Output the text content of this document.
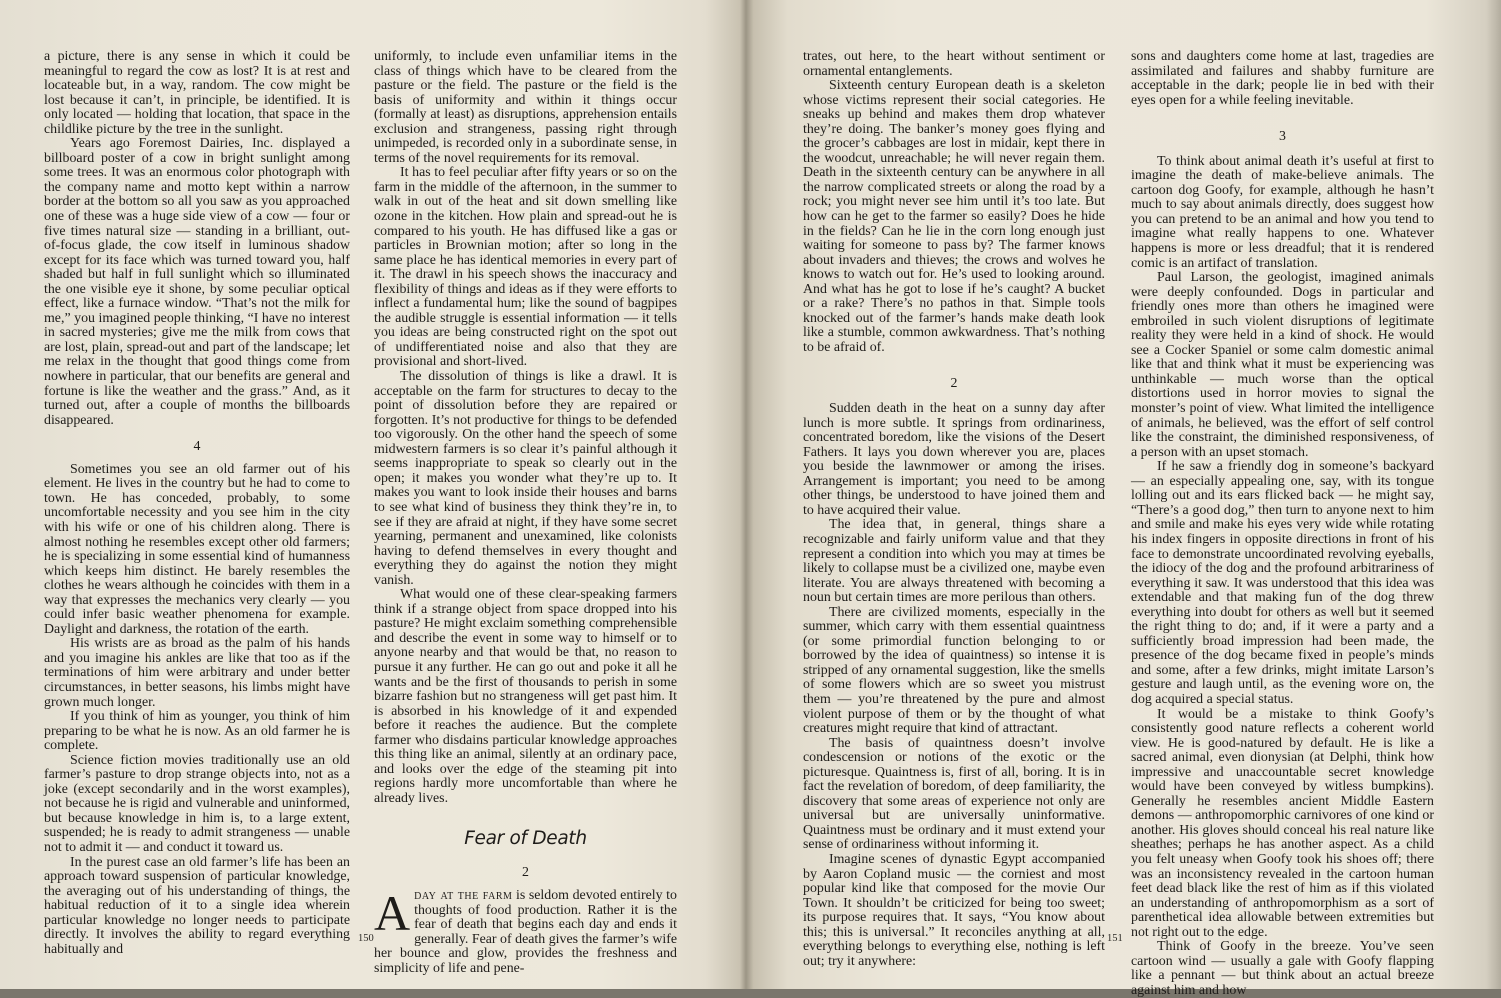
a picture, there is any sense in which it could be meaningful to regard the cow as lost? It is at rest and locateable but, in a way, random. The cow might be lost because it can’t, in principle, be identified. It is only located — holding that location, that space in the childlike picture by the tree in the sunlight.

Years ago Foremost Dairies, Inc. displayed a billboard poster of a cow in bright sunlight among some trees. It was an enormous color photograph with the company name and motto kept within a narrow border at the bottom so all you saw as you approached one of these was a huge side view of a cow — four or five times natural size — standing in a brilliant, out-of-focus glade, the cow itself in luminous shadow except for its face which was turned toward you, half shaded but half in full sunlight which so illuminated the one visible eye it shone, by some peculiar optical effect, like a furnace window. “That’s not the milk for me,” you imagined people thinking, “I have no interest in sacred mysteries; give me the milk from cows that are lost, plain, spread-out and part of the landscape; let me relax in the thought that good things come from nowhere in particular, that our benefits are general and fortune is like the weather and the grass.” And, as it turned out, after a couple of months the billboards disappeared.

4

Sometimes you see an old farmer out of his element. He lives in the country but he had to come to town. He has conceded, probably, to some uncomfortable necessity and you see him in the city with his wife or one of his children along. There is almost nothing he resembles except other old farmers; he is specializing in some essential kind of humanness which keeps him distinct. He barely resembles the clothes he wears although he coincides with them in a way that expresses the mechanics very clearly — you could infer basic weather phenomena for example. Daylight and darkness, the rotation of the earth.

His wrists are as broad as the palm of his hands and you imagine his ankles are like that too as if the terminations of him were arbitrary and under better circumstances, in better seasons, his limbs might have grown much longer.

If you think of him as younger, you think of him preparing to be what he is now. As an old farmer he is complete.

Science fiction movies traditionally use an old farmer’s pasture to drop strange objects into, not as a joke (except secondarily and in the worst examples), not because he is rigid and vulnerable and uninformed, but because knowledge in him is, to a large extent, suspended; he is ready to admit strangeness — unable not to admit it — and conduct it toward us.

In the purest case an old farmer’s life has been an approach toward suspension of particular knowledge, the averaging out of his understanding of things, the habitual reduction of it to a single idea wherein particular knowledge no longer needs to participate directly. It involves the ability to regard everything habitually and

uniformly, to include even unfamiliar items in the class of things which have to be cleared from the pasture or the field. The pasture or the field is the basis of uniformity and within it things occur (formally at least) as disruptions, apprehension entails exclusion and strangeness, passing right through unimpeded, is recorded only in a subordinate sense, in terms of the novel requirements for its removal.

It has to feel peculiar after fifty years or so on the farm in the middle of the afternoon, in the summer to walk in out of the heat and sit down smelling like ozone in the kitchen. How plain and spread-out he is compared to his youth. He has diffused like a gas or particles in Brownian motion; after so long in the same place he has identical memories in every part of it. The drawl in his speech shows the inaccuracy and flexibility of things and ideas as if they were efforts to inflect a fundamental hum; like the sound of bagpipes the audible struggle is essential information — it tells you ideas are being constructed right on the spot out of undifferentiated noise and also that they are provisional and short-lived.

The dissolution of things is like a drawl. It is acceptable on the farm for structures to decay to the point of dissolution before they are repaired or forgotten. It’s not productive for things to be defended too vigorously. On the other hand the speech of some midwestern farmers is so clear it’s painful although it seems inappropriate to speak so clearly out in the open; it makes you wonder what they’re up to. It makes you want to look inside their houses and barns to see what kind of business they think they’re in, to see if they are afraid at night, if they have some secret yearning, permanent and unexamined, like colonists having to defend themselves in every thought and everything they do against the notion they might vanish.

What would one of these clear-speaking farmers think if a strange object from space dropped into his pasture? He might exclaim something comprehensible and describe the event in some way to himself or to anyone nearby and that would be that, no reason to pursue it any further. He can go out and poke it all he wants and be the first of thousands to perish in some bizarre fashion but no strangeness will get past him. It is absorbed in his knowledge of it and expended before it reaches the audience. But the complete farmer who disdains particular knowledge approaches this thing like an animal, silently at an ordinary pace, and looks over the edge of the steaming pit into regions hardly more uncomfortable than where he already lives.

Fear of Death

2

Aday at the farm is seldom devoted entirely to thoughts of food production. Rather it is the fear of death that begins each day and ends it generally. Fear of death gives the farmer’s wife her bounce and glow, provides the freshness and simplicity of life and pene-

150

trates, out here, to the heart without sentiment or ornamental entanglements.

Sixteenth century European death is a skeleton whose victims represent their social categories. He sneaks up behind and makes them drop whatever they’re doing. The banker’s money goes flying and the grocer’s cabbages are lost in midair, kept there in the woodcut, unreachable; he will never regain them. Death in the sixteenth century can be anywhere in all the narrow complicated streets or along the road by a rock; you might never see him until it’s too late. But how can he get to the farmer so easily? Does he hide in the fields? Can he lie in the corn long enough just waiting for someone to pass by? The farmer knows about invaders and thieves; the crows and wolves he knows to watch out for. He’s used to looking around. And what has he got to lose if he’s caught? A bucket or a rake? There’s no pathos in that. Simple tools knocked out of the farmer’s hands make death look like a stumble, common awkwardness. That’s nothing to be afraid of.

2

Sudden death in the heat on a sunny day after lunch is more subtle. It springs from ordinariness, concentrated boredom, like the visions of the Desert Fathers. It lays you down wherever you are, places you beside the lawnmower or among the irises. Arrangement is important; you need to be among other things, be understood to have joined them and to have acquired their value.

The idea that, in general, things share a recognizable and fairly uniform value and that they represent a condition into which you may at times be likely to collapse must be a civilized one, maybe even literate. You are always threatened with becoming a noun but certain times are more perilous than others.

There are civilized moments, especially in the summer, which carry with them essential quaintness (or some primordial function belonging to or borrowed by the idea of quaintness) so intense it is stripped of any ornamental suggestion, like the smells of some flowers which are so sweet you mistrust them — you’re threatened by the pure and almost violent purpose of them or by the thought of what creatures might require that kind of attractant.

The basis of quaintness doesn’t involve condescension or notions of the exotic or the picturesque. Quaintness is, first of all, boring. It is in fact the revelation of boredom, of deep familiarity, the discovery that some areas of experience not only are universal but are universally uninformative. Quaintness must be ordinary and it must extend your sense of ordinariness without informing it.

Imagine scenes of dynastic Egypt accompanied by Aaron Copland music — the corniest and most popular kind like that composed for the movie Our Town. It shouldn’t be criticized for being too sweet; its purpose requires that. It says, “You know about this; this is universal.” It reconciles anything at all, everything belongs to everything else, nothing is left out; try it anywhere:

sons and daughters come home at last, tragedies are assimilated and failures and shabby furniture are acceptable in the dark; people lie in bed with their eyes open for a while feeling inevitable.

3

To think about animal death it’s useful at first to imagine the death of make-believe animals. The cartoon dog Goofy, for example, although he hasn’t much to say about animals directly, does suggest how you can pretend to be an animal and how you tend to imagine what really happens to one. Whatever happens is more or less dreadful; that it is rendered comic is an artifact of translation.

Paul Larson, the geologist, imagined animals were deeply confounded. Dogs in particular and friendly ones more than others he imagined were embroiled in such violent disruptions of legitimate reality they were held in a kind of shock. He would see a Cocker Spaniel or some calm domestic animal like that and think what it must be experiencing was unthinkable — much worse than the optical distortions used in horror movies to signal the monster’s point of view. What limited the intelligence of animals, he believed, was the effort of self control like the constraint, the diminished responsiveness, of a person with an upset stomach.

If he saw a friendly dog in someone’s backyard — an especially appealing one, say, with its tongue lolling out and its ears flicked back — he might say, “There’s a good dog,” then turn to anyone next to him and smile and make his eyes very wide while rotating his index fingers in opposite directions in front of his face to demonstrate uncoordinated revolving eyeballs, the idiocy of the dog and the profound arbitrariness of everything it saw. It was understood that this idea was extendable and that making fun of the dog threw everything into doubt for others as well but it seemed the right thing to do; and, if it were a party and a sufficiently broad impression had been made, the presence of the dog became fixed in people’s minds and some, after a few drinks, might imitate Larson’s gesture and laugh until, as the evening wore on, the dog acquired a special status.

It would be a mistake to think Goofy’s consistently good nature reflects a coherent world view. He is good-natured by default. He is like a sacred animal, even dionysian (at Delphi, think how impressive and unaccountable secret knowledge would have been conveyed by witless bumpkins). Generally he resembles ancient Middle Eastern demons — anthropomorphic carnivores of one kind or another. His gloves should conceal his real nature like sheathes; perhaps he has another aspect. As a child you felt uneasy when Goofy took his shoes off; there was an inconsistency revealed in the cartoon human feet dead black like the rest of him as if this violated an understanding of anthropomorphism as a sort of parenthetical idea allowable between extremities but not right out to the edge.

Think of Goofy in the breeze. You’ve seen cartoon wind — usually a gale with Goofy flapping like a pennant — but think about an actual breeze against him and how

151
